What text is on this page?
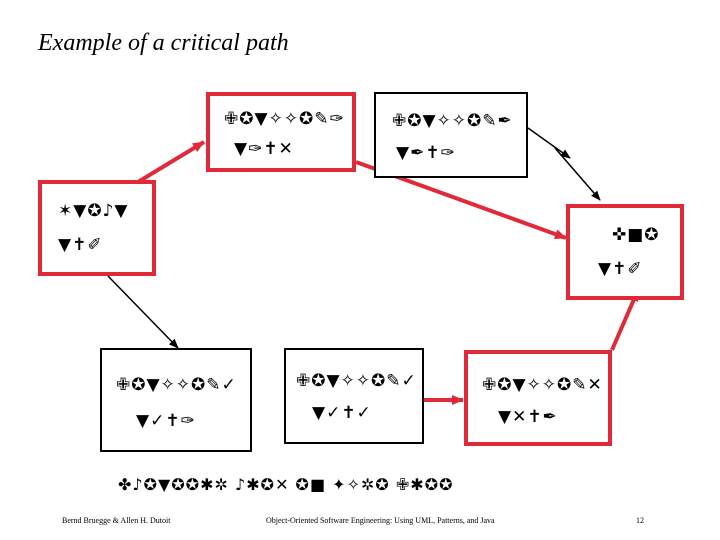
Example of a critical path
✶▼✪♪▼
▼✝✐
✙✪▼✧✧✪✎✑
▼✑✝✕
✙✪▼✧✧✪✎✒
▼✒✝✑
✜■✪
▼✝✐
✙✪▼✧✧✪✎✓
▼✓✝✑
✙✪▼✧✧✪✎✓
▼✓✝✓
✙✪▼✧✧✪✎✕
▼✕✝✒
✤♪✪▼✪✪✱✲ ♪✱✪✕ ✪■ ✦✧✲✪ ✙✱✪✪
Bernd Bruegge & Allen H. Dutoit	Object-Oriented Software Engineering: Using UML, Patterns, and Java	12
